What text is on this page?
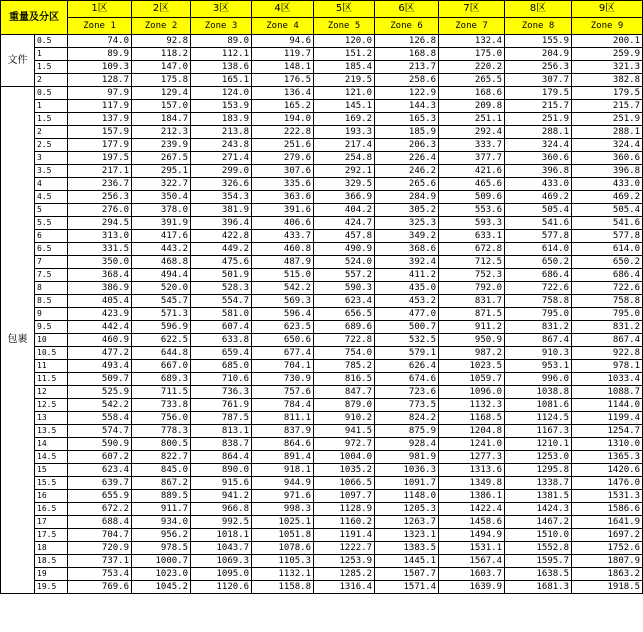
重量及分区		1区	2区	3区	4区	5区	6区	7区	8区	9区
		Zone 1	Zone 2	Zone 3	Zone 4	Zone 5	Zone 6	Zone 7	Zone 8	Zone 9
文件	0.5	74.0	92.8	89.0	94.6	120.0	126.8	132.4	155.9	200.1
	1	89.9	118.2	112.1	119.7	151.2	168.8	175.0	204.9	259.9
	1.5	109.3	147.0	138.6	148.1	185.4	213.7	220.2	256.3	321.3
	2	128.7	175.8	165.1	176.5	219.5	258.6	265.5	307.7	382.8
包裹	0.5	97.9	129.4	124.0	136.4	121.0	122.9	168.6	179.5	179.5
	1	117.9	157.0	153.9	165.2	145.1	144.3	209.8	215.7	215.7
	1.5	137.9	184.7	183.9	194.0	169.2	165.3	251.1	251.9	251.9
	2	157.9	212.3	213.8	222.8	193.3	185.9	292.4	288.1	288.1
	2.5	177.9	239.9	243.8	251.6	217.4	206.3	333.7	324.4	324.4
	3	197.5	267.5	271.4	279.6	254.8	226.4	377.7	360.6	360.6
	3.5	217.1	295.1	299.0	307.6	292.1	246.2	421.6	396.8	396.8
	4	236.7	322.7	326.6	335.6	329.5	265.6	465.6	433.0	433.0
	4.5	256.3	350.4	354.3	363.6	366.9	284.9	509.6	469.2	469.2
	5	276.0	378.0	381.9	391.6	404.2	305.2	553.6	505.4	505.4
	5.5	294.5	391.9	396.4	406.6	424.7	325.3	593.3	541.6	541.6
	6	313.0	417.6	422.8	433.7	457.8	349.2	633.1	577.8	577.8
	6.5	331.5	443.2	449.2	460.8	490.9	368.6	672.8	614.0	614.0
	7	350.0	468.8	475.6	487.9	524.0	392.4	712.5	650.2	650.2
	7.5	368.4	494.4	501.9	515.0	557.2	411.2	752.3	686.4	686.4
	8	386.9	520.0	528.3	542.2	590.3	435.0	792.0	722.6	722.6
	8.5	405.4	545.7	554.7	569.3	623.4	453.2	831.7	758.8	758.8
	9	423.9	571.3	581.0	596.4	656.5	477.0	871.5	795.0	795.0
	9.5	442.4	596.9	607.4	623.5	689.6	500.7	911.2	831.2	831.2
	10	460.9	622.5	633.8	650.6	722.8	532.5	950.9	867.4	867.4
	10.5	477.2	644.8	659.4	677.4	754.0	579.1	987.2	910.3	922.8
	11	493.4	667.0	685.0	704.1	785.2	626.4	1023.5	953.1	978.1
	11.5	509.7	689.3	710.6	730.9	816.5	674.6	1059.7	996.0	1033.4
	12	525.9	711.5	736.3	757.6	847.7	723.6	1096.0	1038.8	1088.7
	12.5	542.2	733.8	761.9	784.4	879.0	773.5	1132.3	1081.6	1144.0
	13	558.4	756.0	787.5	811.1	910.2	824.2	1168.5	1124.5	1199.4
	13.5	574.7	778.3	813.1	837.9	941.5	875.9	1204.8	1167.3	1254.7
	14	590.9	800.5	838.7	864.6	972.7	928.4	1241.0	1210.1	1310.0
	14.5	607.2	822.7	864.4	891.4	1004.0	981.9	1277.3	1253.0	1365.3
	15	623.4	845.0	890.0	918.1	1035.2	1036.3	1313.6	1295.8	1420.6
	15.5	639.7	867.2	915.6	944.9	1066.5	1091.7	1349.8	1338.7	1476.0
	16	655.9	889.5	941.2	971.6	1097.7	1148.0	1386.1	1381.5	1531.3
	16.5	672.2	911.7	966.8	998.3	1128.9	1205.3	1422.4	1424.3	1586.6
	17	688.4	934.0	992.5	1025.1	1160.2	1263.7	1458.6	1467.2	1641.9
	17.5	704.7	956.2	1018.1	1051.8	1191.4	1323.1	1494.9	1510.0	1697.2
	18	720.9	978.5	1043.7	1078.6	1222.7	1383.5	1531.1	1552.8	1752.6
	18.5	737.1	1000.7	1069.3	1105.3	1253.9	1445.1	1567.4	1595.7	1807.9
	19	753.4	1023.0	1095.0	1132.1	1285.2	1507.7	1603.7	1638.5	1863.2
	19.5	769.6	1045.2	1120.6	1158.8	1316.4	1571.4	1639.9	1681.3	1918.5
